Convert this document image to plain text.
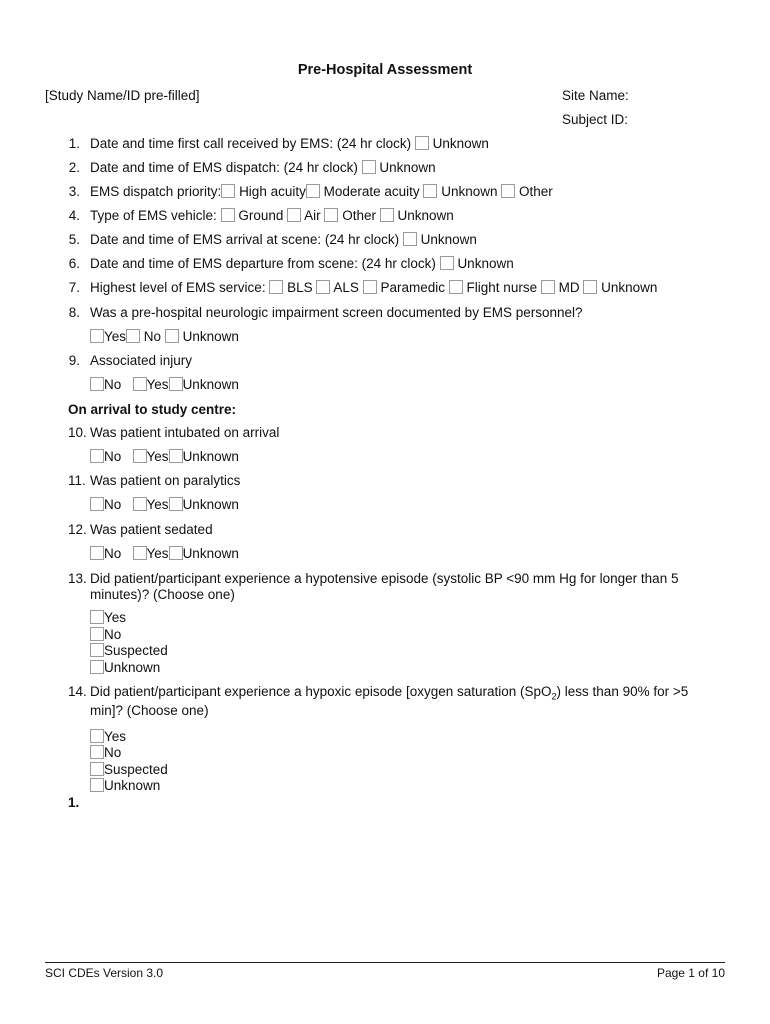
Pre-Hospital Assessment
[Study Name/ID pre-filled]	Site Name:
Subject ID:
1. Date and time first call received by EMS: (24 hr clock) Unknown
2. Date and time of EMS dispatch: (24 hr clock) Unknown
3. EMS dispatch priority: High acuity Moderate acuity Unknown Other
4. Type of EMS vehicle: Ground Air Other Unknown
5. Date and time of EMS arrival at scene: (24 hr clock) Unknown
6. Date and time of EMS departure from scene: (24 hr clock) Unknown
7. Highest level of EMS service: BLS ALS Paramedic Flight nurse MD Unknown
8. Was a pre-hospital neurologic impairment screen documented by EMS personnel?
Yes No Unknown
9. Associated injury
No Yes Unknown
On arrival to study centre:
10. Was patient intubated on arrival
No Yes Unknown
11. Was patient on paralytics
No Yes Unknown
12. Was patient sedated
No Yes Unknown
13. Did patient/participant experience a hypotensive episode (systolic BP <90 mm Hg for longer than 5
minutes)? (Choose one)
Yes
No
Suspected
Unknown
14. Did patient/participant experience a hypoxic episode [oxygen saturation (SpO$_2$) less than 90% for >5
min]? (Choose one)
Yes
No
Suspected
Unknown
1.
SCI CDEs Version 3.0	Page 1 of 10
